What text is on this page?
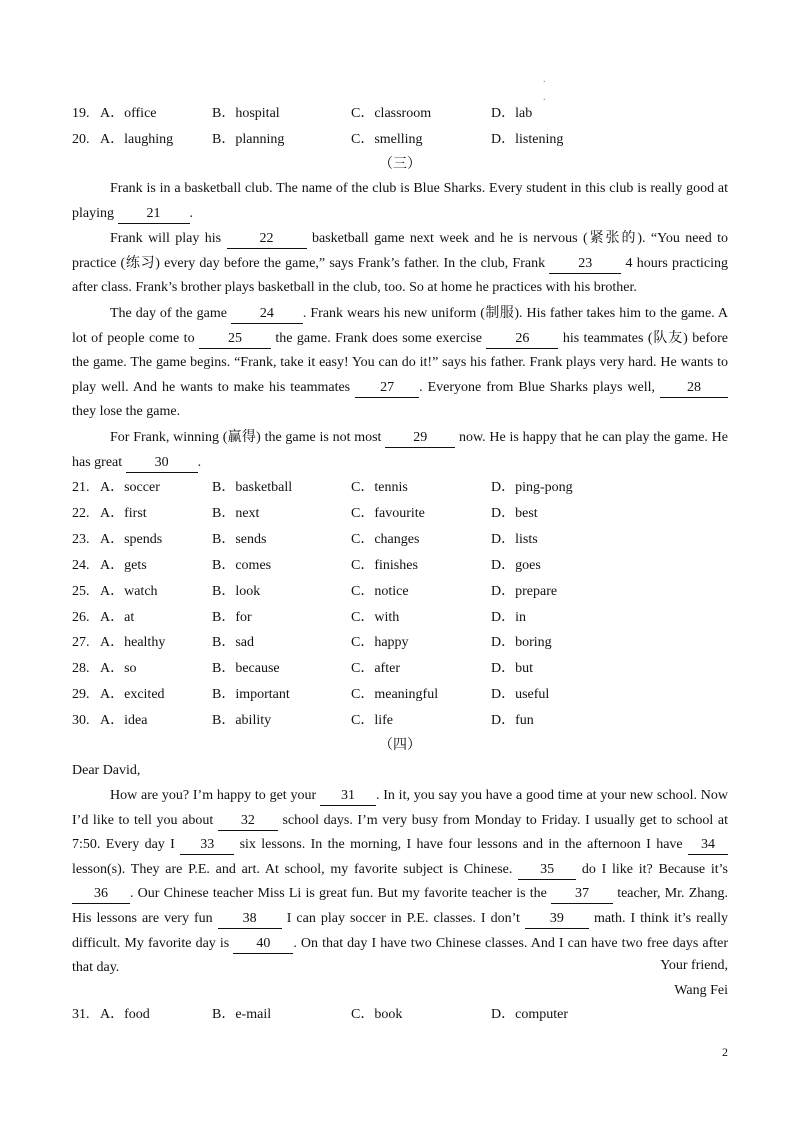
.
.
19. A．office	B．hospital	C．classroom	D．lab
20. A．laughing	B．planning	C．smelling	D．listening
（三）

Frank is in a basketball club. The name of the club is Blue Sharks. Every student in this club is really good at playing 21 .

Frank will play his 22 basketball game next week and he is nervous (紧张的). “You need to practice (练习) every day before the game,” says Frank’s father. In the club, Frank 23 4 hours practicing after class. Frank’s brother plays basketball in the club, too. So at home he practices with his brother.

The day of the game 24 . Frank wears his new uniform (制服). His father takes him to the game. A lot of people come to 25 the game. Frank does some exercise 26 his teammates (队友) before the game. The game begins. “Frank, take it easy! You can do it!” says his father. Frank plays very hard. He wants to play well. And he wants to make his teammates 27 . Everyone from Blue Sharks plays well, 28 they lose the game.

For Frank, winning (赢得) the game is not most 29 now. He is happy that he can play the game. He has great 30 .

21. A．soccer	B．basketball	C．tennis	D．ping-pong
22. A．first	B．next	C．favourite	D．best
23. A．spends	B．sends	C．changes	D．lists
24. A．gets	B．comes	C．finishes	D．goes
25. A．watch	B．look	C．notice	D．prepare
26. A．at	B．for	C．with	D．in
27. A．healthy	B．sad	C．happy	D．boring
28. A．so	B．because	C．after	D．but
29. A．excited	B．important	C．meaningful	D．useful
30. A．idea	B．ability	C．life	D．fun
（四）
Dear David,

How are you? I’m happy to get your 31 . In it, you say you have a good time at your new school. Now I’d like to tell you about 32 school days. I’m very busy from Monday to Friday. I usually get to school at 7:50. Every day I 33 six lessons. In the morning, I have four lessons and in the afternoon I have 34 lesson(s). They are P.E. and art. At school, my favorite subject is Chinese. 35 do I like it? Because it’s 36 . Our Chinese teacher Miss Li is great fun. But my favorite teacher is the 37 teacher, Mr. Zhang. His lessons are very fun 38 I can play soccer in P.E. classes. I don’t 39 math. I think it’s really difficult. My favorite day is 40 . On that day I have two Chinese classes. And I can have two free days after that day.	Your friend,
Wang Fei
31. A．food	B．e-mail	C．book	D．computer
2
